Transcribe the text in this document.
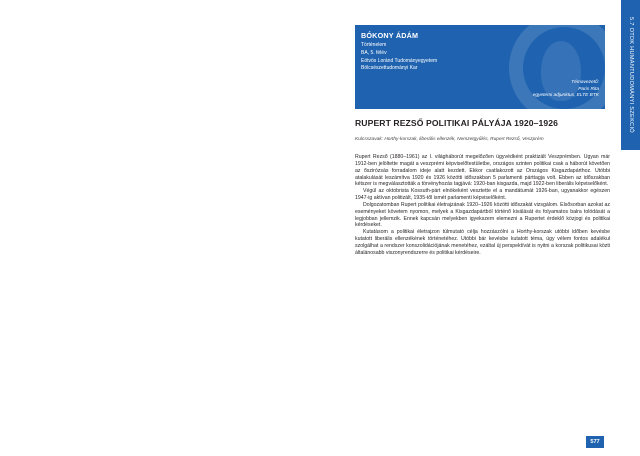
5.7 OTDK HUMÁNTUDOMÁNYI SZEKCIÓ
BÓKONY ÁDÁM
Történelem
BA, 5. félév
Eötvös Loránd Tudományegyetem
Bölcsészettudományi Kar
Témavezető:
Paris Rita
egyetemi adjunktus, ELTE BTK
RUPERT REZSŐ POLITIKAI PÁLYÁJA 1920–1926
Kulcsszavak: Horthy-korszak, liberális ellenzék, Nemzetgyűlés, Rupert Rezső, Veszprém

Rupert Rezső (1880–1961) az I. világháborút megelőzően ügyvédként praktizált Veszprémben. Ugyan már 1912-ben jelöltette magát a veszprémi képviselőtestületbe, országos szinten politikai csak a háborút követően az őszirózsás forradalom ideje alatt kezdett. Ekkor csatlakozott az Országos Kisgazdapárthoz. Utóbbi atalakulását leszámítva 1920 és 1926 közötti időszakban 5 parlamenti párttagja volt. Ebben az időszakban kétszer is megválasztották a törvényhozás tagjává: 1920-ban kisgazda, majd 1922-ben liberális képviselőként.

Végül az oktobrista Kossuth-párt elnökeként vesztette el a mandátumát 1926-ban, ugyanakkor egészen 1947-ig aktívan politizált, 1935-től ismét parlamenti képviselőként.

Dolgozatomban Rupert politikai életrajzának 1920–1926 közötti időszakát vizsgálom. Elsősorban azokat az eseményeket követem nyomon, melyek a Kisgazdapártból történő kiválását és folyamatos balra tolódását a legjobban jellemzik. Ennek kapcsán melyekben igyekszem elemezni a Rupertet érdeklő közjogi és politikai kérdéseket.

Kutatásom a politikai életrajzon túlmutató célja hozzászólni a Horthy-korszak utóbbi időben kevésbe kutatott liberális ellenzékének történetéhez. Utóbbi bár kevésbe kutatott téma, úgy vélem fontos adalékul szolgálhat a rendszer konszolidációjának menetéhez, ezáltal új perspektívát is nyitni a korszak politikusai közti általánosabb viszonyrendszerre és politikai kérdéseire.

577
